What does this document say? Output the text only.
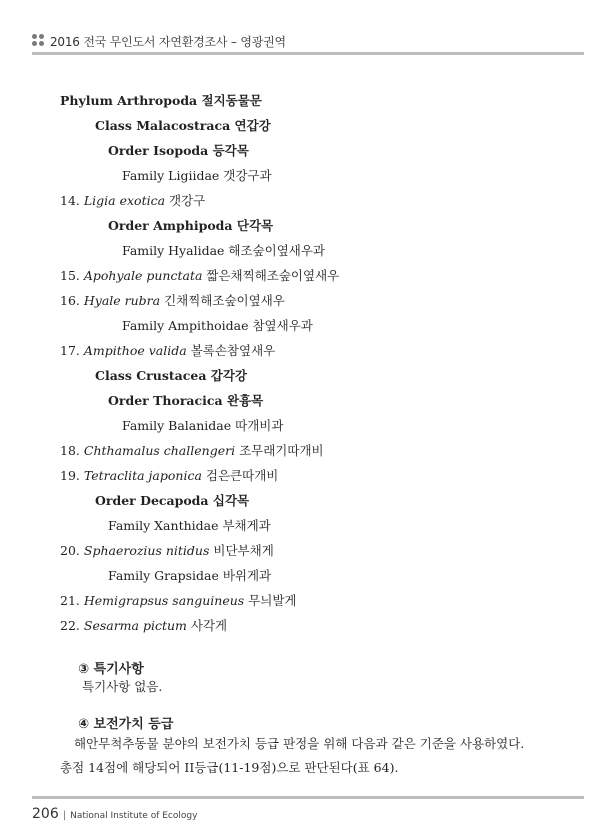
2016 전국 무인도서 자연환경조사 – 영광권역
Phylum Arthropoda 절지동물문
Class Malacostraca 연갑강
Order Isopoda 등각목
Family Ligiidae 갯강구과
14. Ligia exotica 갯강구
Order Amphipoda 단각목
Family Hyalidae 해조숲이옆새우과
15. Apohyale punctata 짧은채찍해조숲이옆새우
16. Hyale rubra 긴채찍해조숲이옆새우
Family Ampithoidae 참옆새우과
17. Ampithoe valida 볼록손참옆새우
Class Crustacea 갑각강
Order Thoracica 완흉목
Family Balanidae 따개비과
18. Chthamalus challengeri 조무래기따개비
19. Tetraclita japonica 검은큰따개비
Order Decapoda 십각목
Family Xanthidae 부채게과
20. Sphaerozius nitidus 비단부채게
Family Grapsidae 바위게과
21. Hemigrapsus sanguineus 무늬발게
22. Sesarma pictum 사각게
③ 특기사항
특기사항 없음.
④ 보전가치 등급
해안무척추동물 분야의 보전가치 등급 판정을 위해 다음과 같은 기준을 사용하였다.
총점 14점에 해당되어 II등급(11-19점)으로 판단된다(표 64).
206 | National Institute of Ecology
